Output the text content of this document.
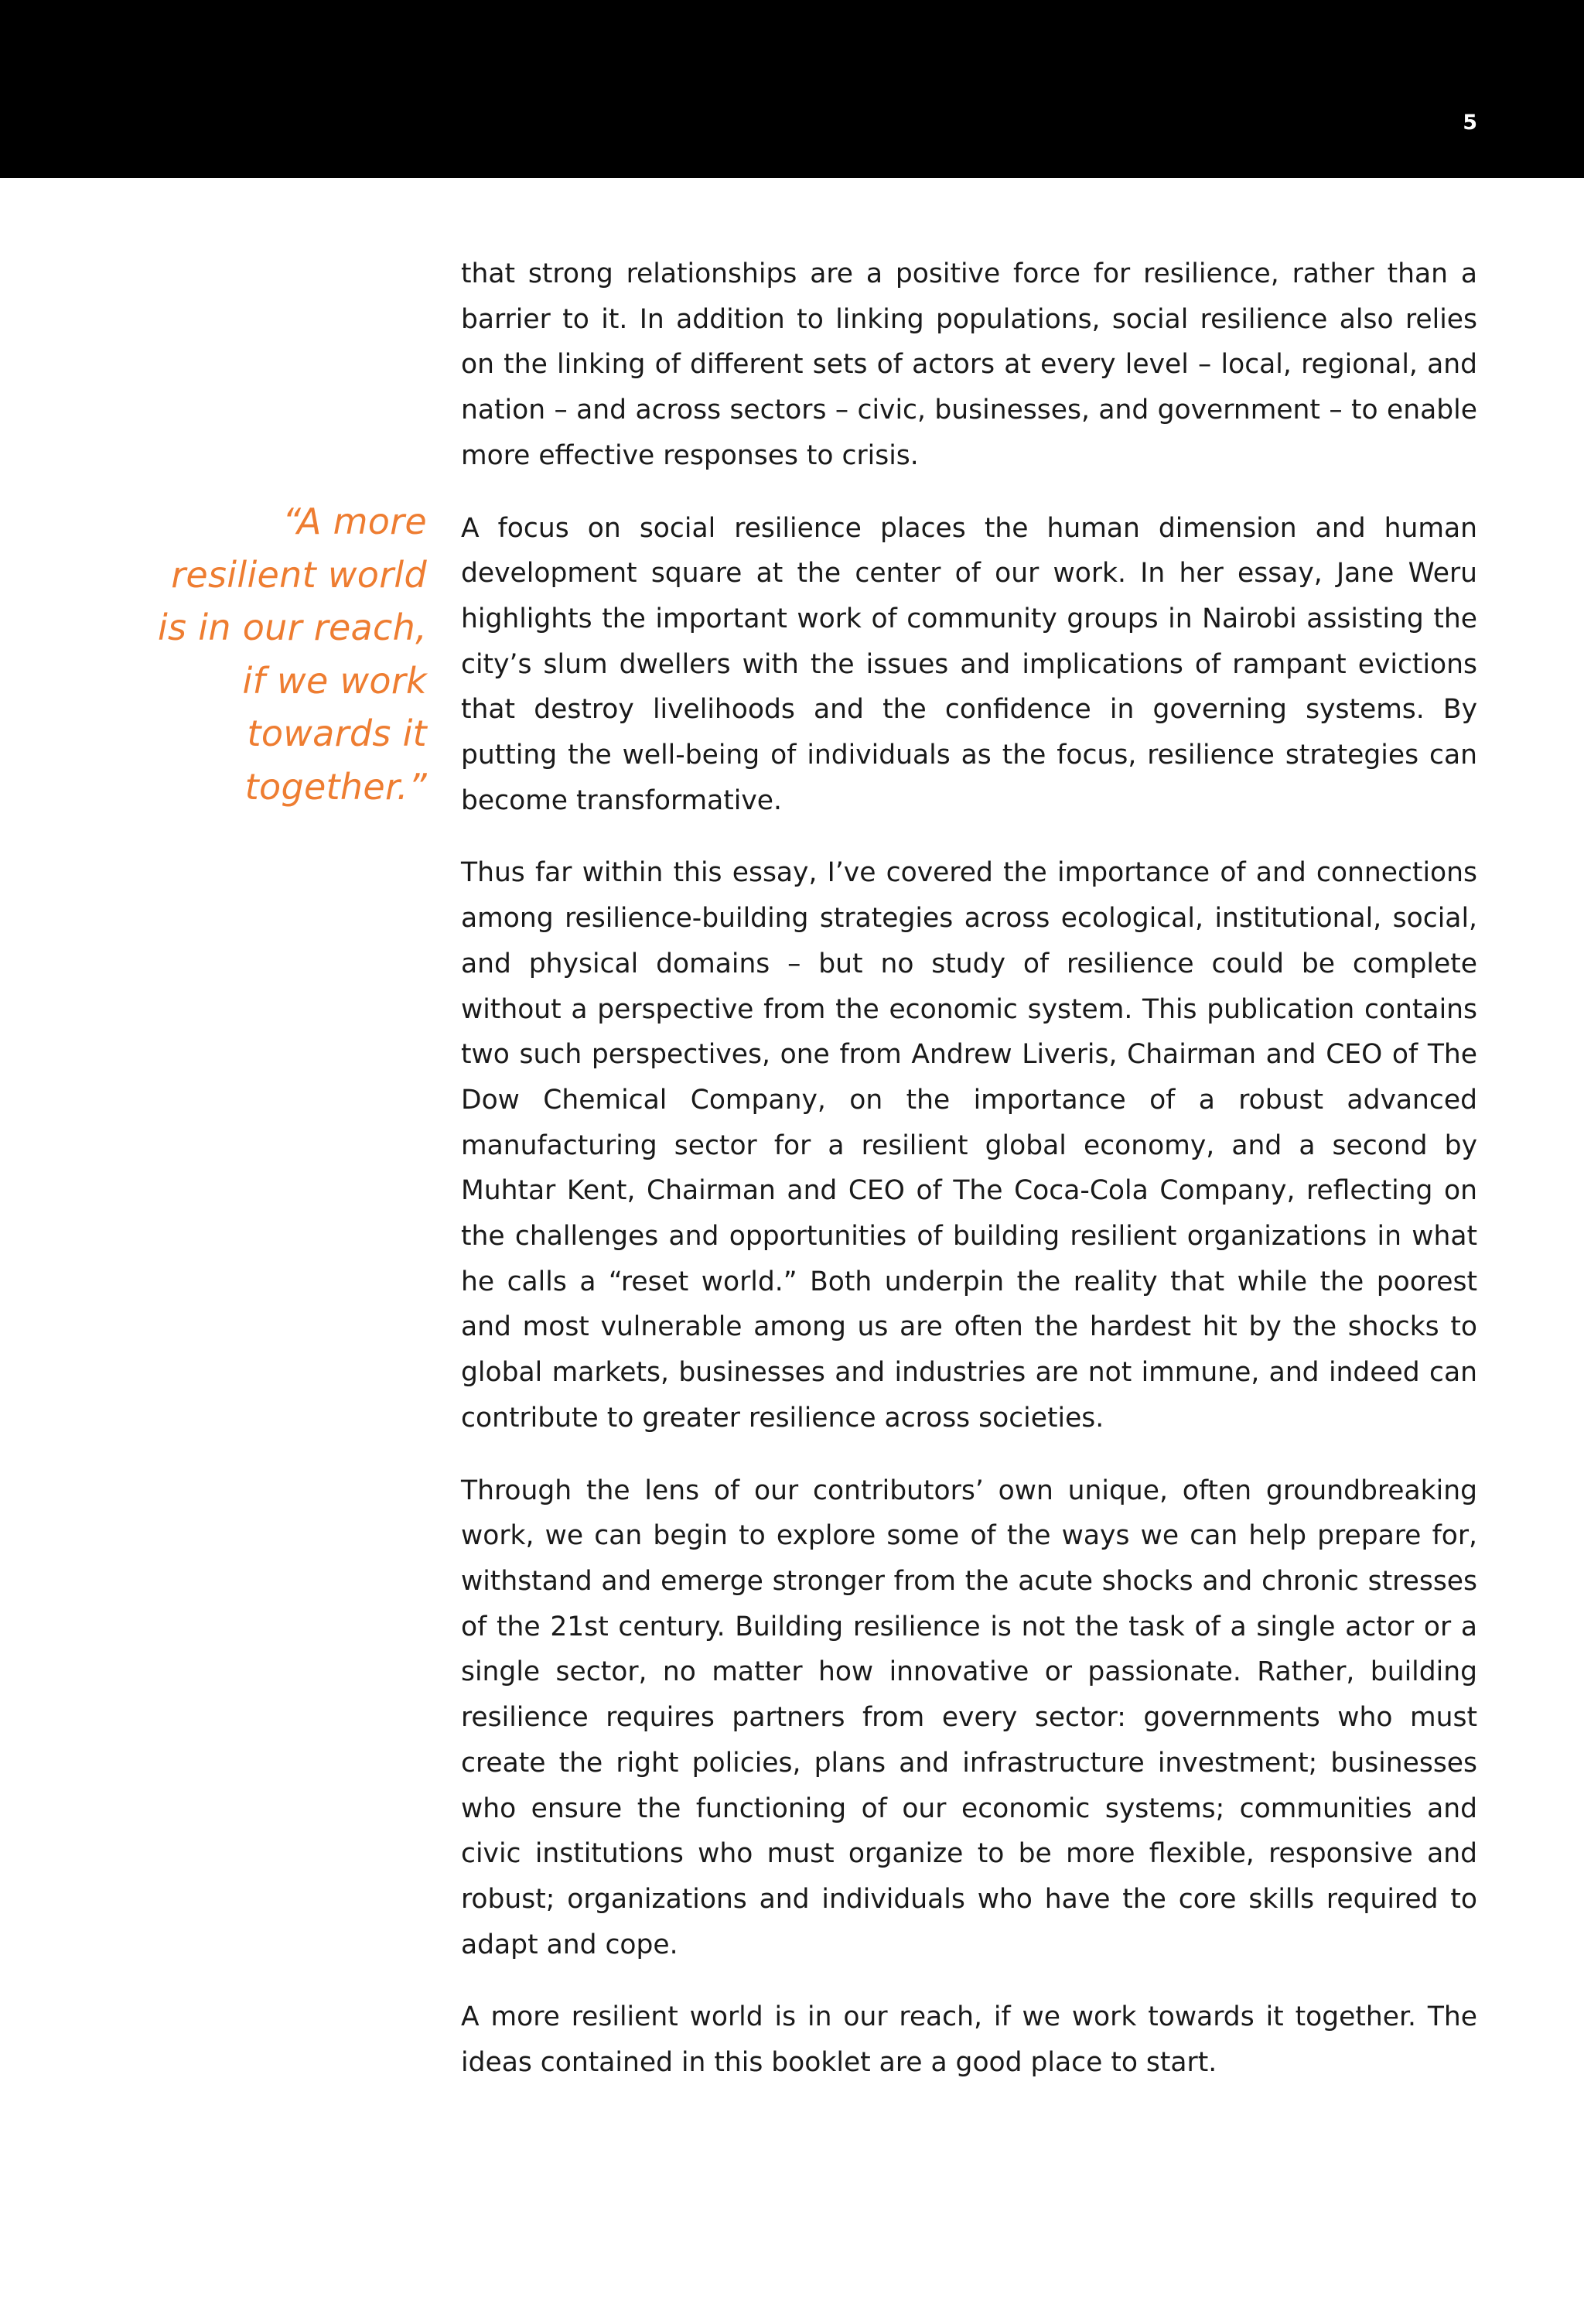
5
“A more resilient world is in our reach, if we work towards it together.”

that strong relationships are a positive force for resilience, rather than a barrier to it. In addition to linking populations, social resilience also relies on the linking of different sets of actors at every level – local, regional, and nation – and across sectors – civic, businesses, and government – to enable more effective responses to crisis.

A focus on social resilience places the human dimension and human development square at the center of our work. In her essay, Jane Weru highlights the important work of community groups in Nairobi assisting the city’s slum dwellers with the issues and implications of rampant evictions that destroy livelihoods and the confidence in governing systems. By putting the well-being of individuals as the focus, resilience strategies can become transformative.

Thus far within this essay, I’ve covered the importance of and connections among resilience-building strategies across ecological, institutional, social, and physical domains – but no study of resilience could be complete without a perspective from the economic system. This publication contains two such perspectives, one from Andrew Liveris, Chairman and CEO of The Dow Chemical Company, on the importance of a robust advanced manufacturing sector for a resilient global economy, and a second by Muhtar Kent, Chairman and CEO of The Coca-Cola Company, reflecting on the challenges and opportunities of building resilient organizations in what he calls a “reset world.” Both underpin the reality that while the poorest and most vulnerable among us are often the hardest hit by the shocks to global markets, businesses and industries are not immune, and indeed can contribute to greater resilience across societies.

Through the lens of our contributors’ own unique, often groundbreaking work, we can begin to explore some of the ways we can help prepare for, withstand and emerge stronger from the acute shocks and chronic stresses of the 21st century. Building resilience is not the task of a single actor or a single sector, no matter how innovative or passionate. Rather, building resilience requires partners from every sector: governments who must create the right policies, plans and infrastructure investment; businesses who ensure the functioning of our economic systems; communities and civic institutions who must organize to be more flexible, responsive and robust; organizations and individuals who have the core skills required to adapt and cope.

A more resilient world is in our reach, if we work towards it together. The ideas contained in this booklet are a good place to start.
